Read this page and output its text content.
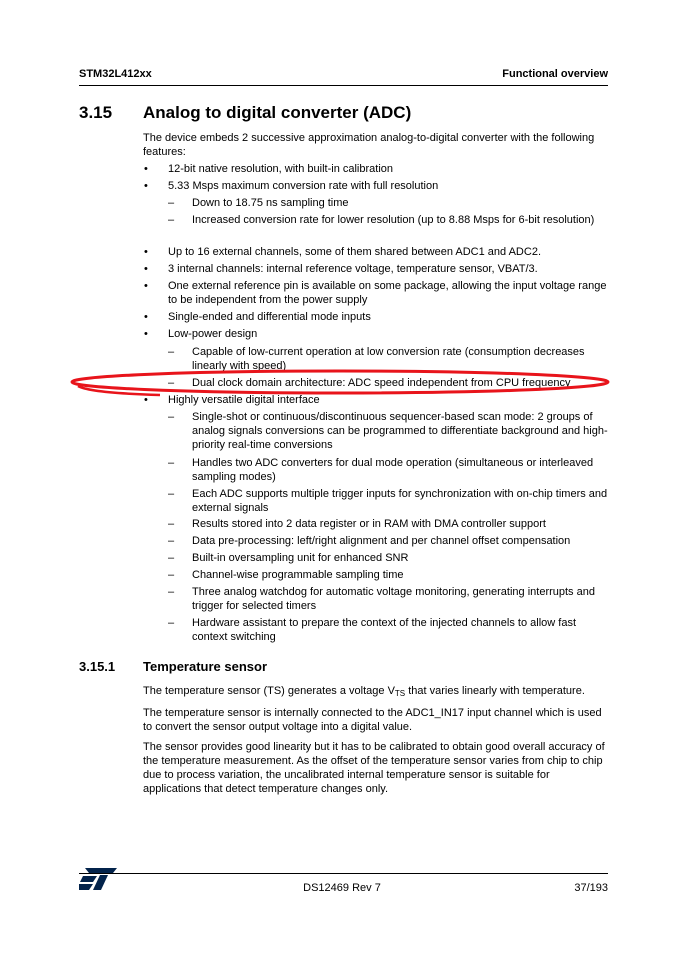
STM32L412xx	Functional overview
3.15 Analog to digital converter (ADC)
The device embeds 2 successive approximation analog-to-digital converter with the following features:
• 12-bit native resolution, with built-in calibration
• 5.33 Msps maximum conversion rate with full resolution
– Down to 18.75 ns sampling time
– Increased conversion rate for lower resolution (up to 8.88 Msps for 6-bit resolution)
• Up to 16 external channels, some of them shared between ADC1 and ADC2.
• 3 internal channels: internal reference voltage, temperature sensor, VBAT/3.
• One external reference pin is available on some package, allowing the input voltage range to be independent from the power supply
• Single-ended and differential mode inputs
• Low-power design
– Capable of low-current operation at low conversion rate (consumption decreases linearly with speed)
– Dual clock domain architecture: ADC speed independent from CPU frequency
• Highly versatile digital interface
– Single-shot or continuous/discontinuous sequencer-based scan mode: 2 groups of analog signals conversions can be programmed to differentiate background and high-priority real-time conversions
– Handles two ADC converters for dual mode operation (simultaneous or interleaved sampling modes)
– Each ADC supports multiple trigger inputs for synchronization with on-chip timers and external signals
– Results stored into 2 data register or in RAM with DMA controller support
– Data pre-processing: left/right alignment and per channel offset compensation
– Built-in oversampling unit for enhanced SNR
– Channel-wise programmable sampling time
– Three analog watchdog for automatic voltage monitoring, generating interrupts and trigger for selected timers
– Hardware assistant to prepare the context of the injected channels to allow fast context switching
3.15.1 Temperature sensor
The temperature sensor (TS) generates a voltage $V_{TS}$ that varies linearly with temperature.
The temperature sensor is internally connected to the ADC1_IN17 input channel which is used to convert the sensor output voltage into a digital value.
The sensor provides good linearity but it has to be calibrated to obtain good overall accuracy of the temperature measurement. As the offset of the temperature sensor varies from chip to chip due to process variation, the uncalibrated internal temperature sensor is suitable for applications that detect temperature changes only.
DS12469 Rev 7	37/193
